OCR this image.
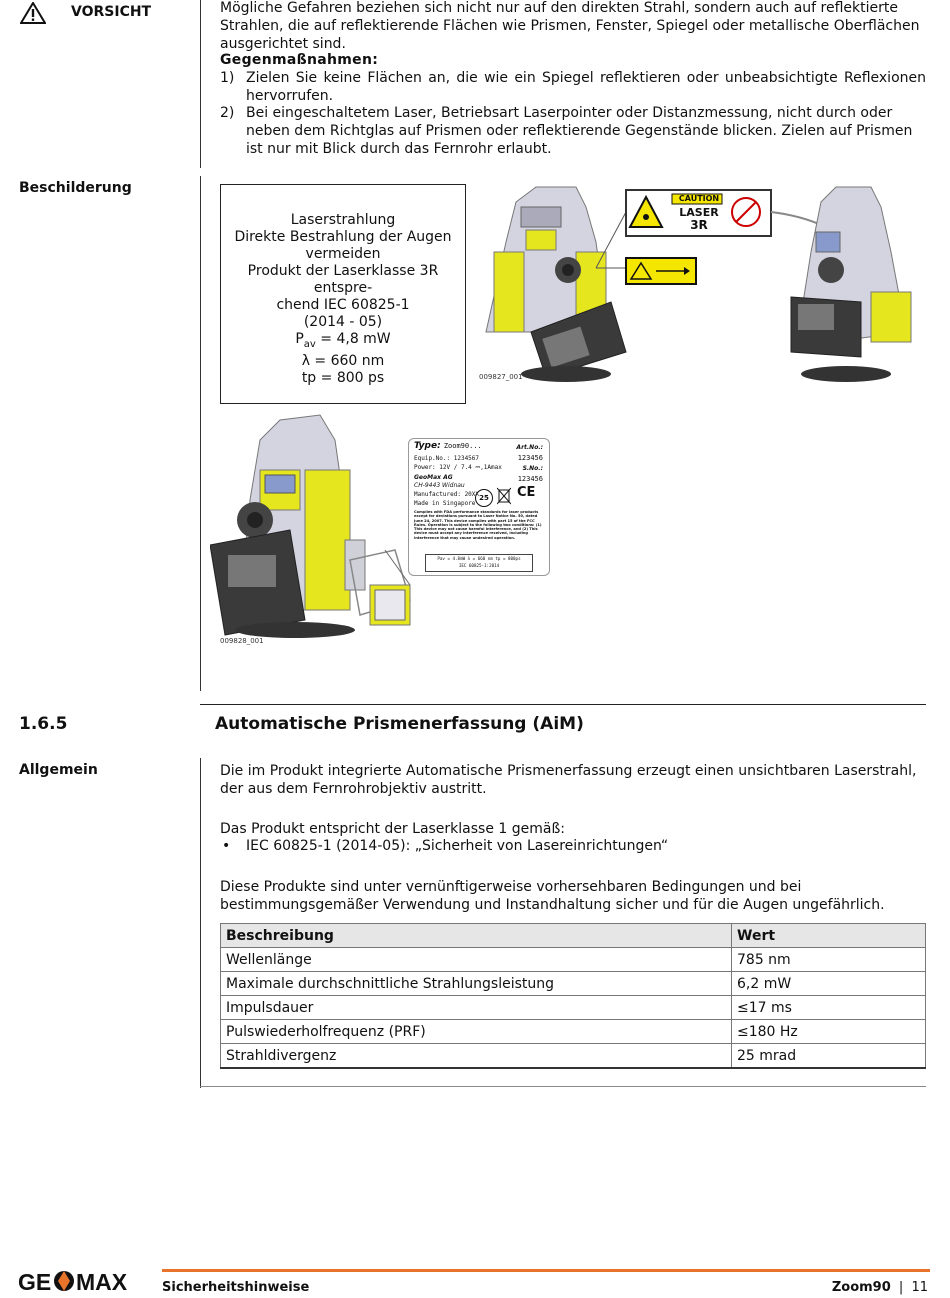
VORSICHT	Mögliche Gefahren beziehen sich nicht nur auf den direkten Strahl, sondern auch auf reflektierte Strahlen, die auf reflektierende Flächen wie Prismen, Fenster, Spiegel oder metallische Oberflächen ausgerichtet sind.
Gegenmaßnahmen:
1) Zielen Sie keine Flächen an, die wie ein Spiegel reflektieren oder unbeabsichtigte Reflexionen hervorrufen.
2) Bei eingeschaltetem Laser, Betriebsart Laserpointer oder Distanzmessung, nicht durch oder neben dem Richtglas auf Prismen oder reflektierende Gegenstände blicken. Zielen auf Prismen ist nur mit Blick durch das Fernrohr erlaubt.
Beschilderung
Laserstrahlung
Direkte Bestrahlung der Augen vermeiden
Produkt der Laserklasse 3R entspre-
chend IEC 60825-1
(2014 - 05)
$P_{av} = 4,8$ mW
λ = 660 nm
tp = 800 ps
CAUTION
LASER
3R
009827_001
009828_001
Type: Zoom90...	Art.No.:
Equip.No.: 1234567	123456
Power: 12V / 7.4 ⎓,1Amax	S.No.:
123456
GeoMax AG
CH-9443 Widnau
Manufactured: 20XX
Made in Singapore
25	CE
Complies with FDA performance standards for laser products except for deviations pursuant to Laser Notice No. 50, dated June 24, 2007. This device complies with part 15 of the FCC Rules. Operation is subject to the following two conditions: (1) This device may not cause harmful interference, and (2) This device must accept any interference received, including interference that may cause undesired operation.
Pav = 4.8mW λ = 660 nm tp = 800ps
IEC 60825-1:2014
1.6.5	Automatische Prismenerfassung (AiM)
Allgemein	Die im Produkt integrierte Automatische Prismenerfassung erzeugt einen unsichtbaren Laserstrahl, der aus dem Fernrohrobjektiv austritt.
Das Produkt entspricht der Laserklasse 1 gemäß:
• IEC 60825-1 (2014-05): „Sicherheit von Lasereinrichtungen“
Diese Produkte sind unter vernünftigerweise vorhersehbaren Bedingungen und bei bestimmungsgemäßer Verwendung und Instandhaltung sicher und für die Augen ungefährlich.
Beschreibung	Wert
Wellenlänge	785 nm
Maximale durchschnittliche Strahlungsleistung	6,2 mW
Impulsdauer	≤17 ms
Pulswiederholfrequenz (PRF)	≤180 Hz
Strahldivergenz	25 mrad
GE MAX	Sicherheitshinweise	Zoom90 | 11
